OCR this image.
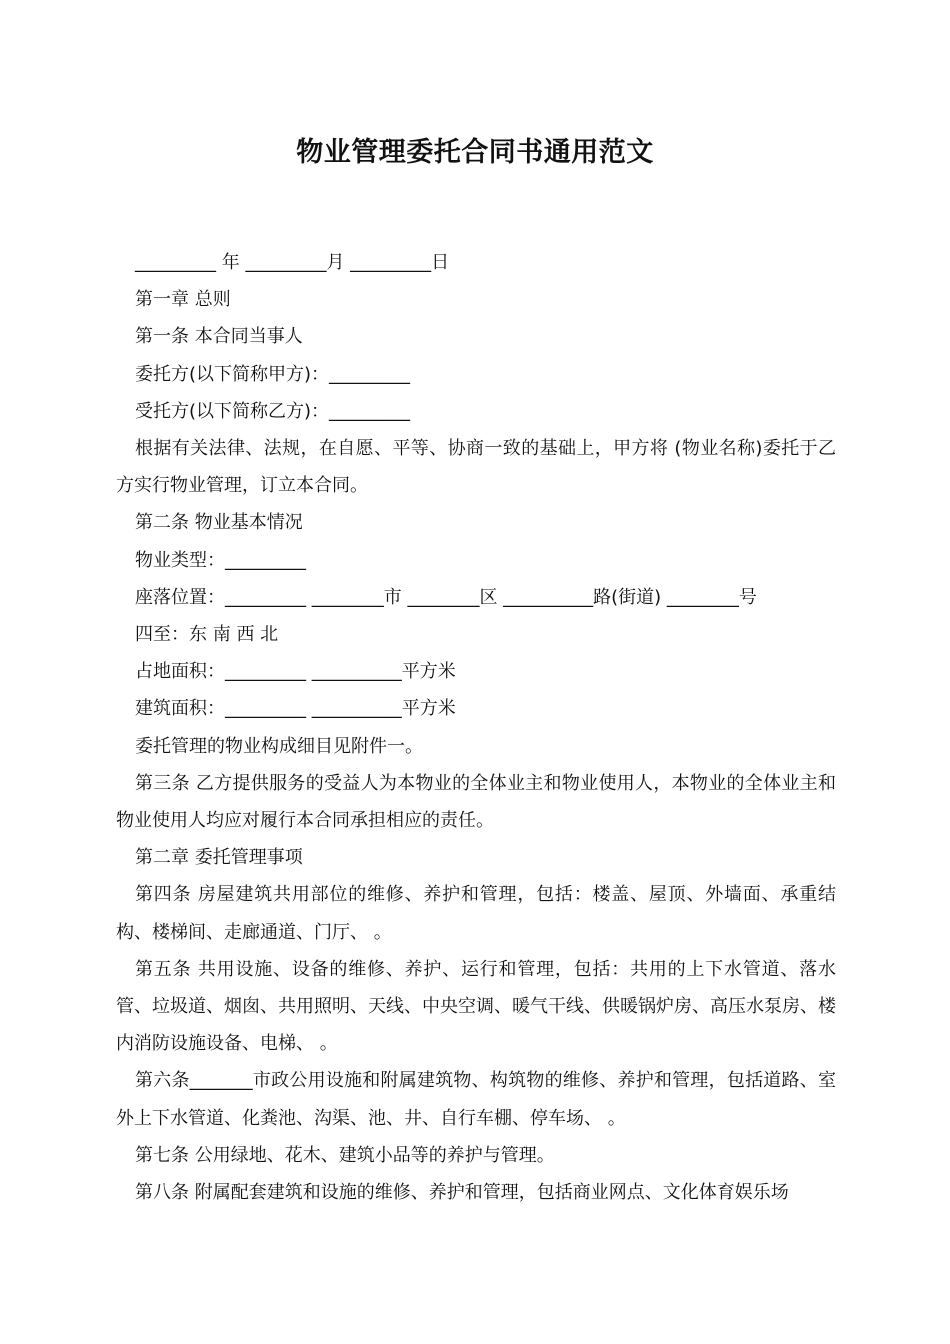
物业管理委托合同书通用范文

_________ 年 _________月 _________日

第一章 总则

第一条 本合同当事人

委托方(以下简称甲方)：_________

受托方(以下简称乙方)：_________

根据有关法律、法规，在自愿、平等、协商一致的基础上，甲方将 (物业名称)委托于乙方实行物业管理，订立本合同。

第二条 物业基本情况

物业类型：_________

座落位置：_________ ________市 ________区 __________路(街道) ________号

四至：东 南 西 北

占地面积：_________ __________平方米

建筑面积：_________ __________平方米

委托管理的物业构成细目见附件一。

第三条 乙方提供服务的受益人为本物业的全体业主和物业使用人，本物业的全体业主和物业使用人均应对履行本合同承担相应的责任。

第二章 委托管理事项

第四条 房屋建筑共用部位的维修、养护和管理，包括：楼盖、屋顶、外墙面、承重结构、楼梯间、走廊通道、门厅、 。

第五条 共用设施、设备的维修、养护、运行和管理，包括：共用的上下水管道、落水管、垃圾道、烟囱、共用照明、天线、中央空调、暖气干线、供暖锅炉房、高压水泵房、楼内消防设施设备、电梯、 。

第六条_______市政公用设施和附属建筑物、构筑物的维修、养护和管理，包括道路、室外上下水管道、化粪池、沟渠、池、井、自行车棚、停车场、 。

第七条 公用绿地、花木、建筑小品等的养护与管理。

第八条 附属配套建筑和设施的维修、养护和管理，包括商业网点、文化体育娱乐场
